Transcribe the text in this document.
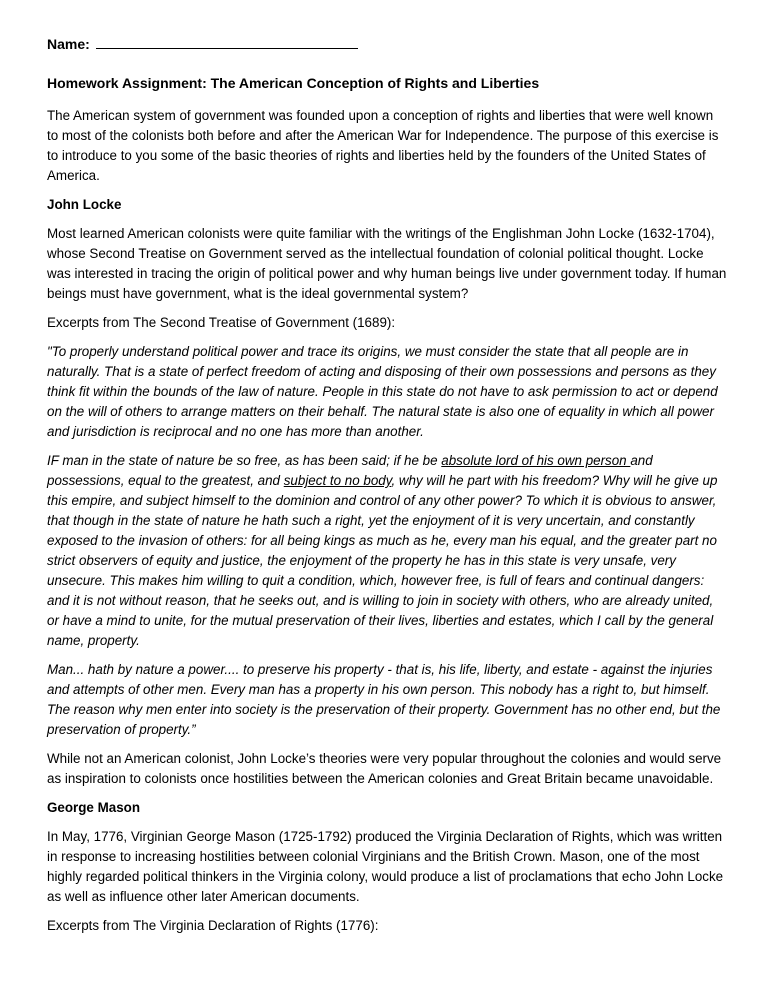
Name:
Homework Assignment: The American Conception of Rights and Liberties

The American system of government was founded upon a conception of rights and liberties that were well known to most of the colonists both before and after the American War for Independence. The purpose of this exercise is to introduce to you some of the basic theories of rights and liberties held by the founders of the United States of America.

John Locke

Most learned American colonists were quite familiar with the writings of the Englishman John Locke (1632-1704), whose Second Treatise on Government served as the intellectual foundation of colonial political thought. Locke was interested in tracing the origin of political power and why human beings live under government today. If human beings must have government, what is the ideal governmental system?

Excerpts from The Second Treatise of Government (1689):

"To properly understand political power and trace its origins, we must consider the state that all people are in naturally. That is a state of perfect freedom of acting and disposing of their own possessions and persons as they think fit within the bounds of the law of nature. People in this state do not have to ask permission to act or depend on the will of others to arrange matters on their behalf. The natural state is also one of equality in which all power and jurisdiction is reciprocal and no one has more than another.

IF man in the state of nature be so free, as has been said; if he be absolute lord of his own person and possessions, equal to the greatest, and subject to no body, why will he part with his freedom? Why will he give up this empire, and subject himself to the dominion and control of any other power? To which it is obvious to answer, that though in the state of nature he hath such a right, yet the enjoyment of it is very uncertain, and constantly exposed to the invasion of others: for all being kings as much as he, every man his equal, and the greater part no strict observers of equity and justice, the enjoyment of the property he has in this state is very unsafe, very unsecure. This makes him willing to quit a condition, which, however free, is full of fears and continual dangers: and it is not without reason, that he seeks out, and is willing to join in society with others, who are already united, or have a mind to unite, for the mutual preservation of their lives, liberties and estates, which I call by the general name, property.

Man... hath by nature a power.... to preserve his property - that is, his life, liberty, and estate - against the injuries and attempts of other men. Every man has a property in his own person. This nobody has a right to, but himself. The reason why men enter into society is the preservation of their property. Government has no other end, but the preservation of property.”

While not an American colonist, John Locke’s theories were very popular throughout the colonies and would serve as inspiration to colonists once hostilities between the American colonies and Great Britain became unavoidable.

George Mason

In May, 1776, Virginian George Mason (1725-1792) produced the Virginia Declaration of Rights, which was written in response to increasing hostilities between colonial Virginians and the British Crown. Mason, one of the most highly regarded political thinkers in the Virginia colony, would produce a list of proclamations that echo John Locke as well as influence other later American documents.

Excerpts from The Virginia Declaration of Rights (1776):
